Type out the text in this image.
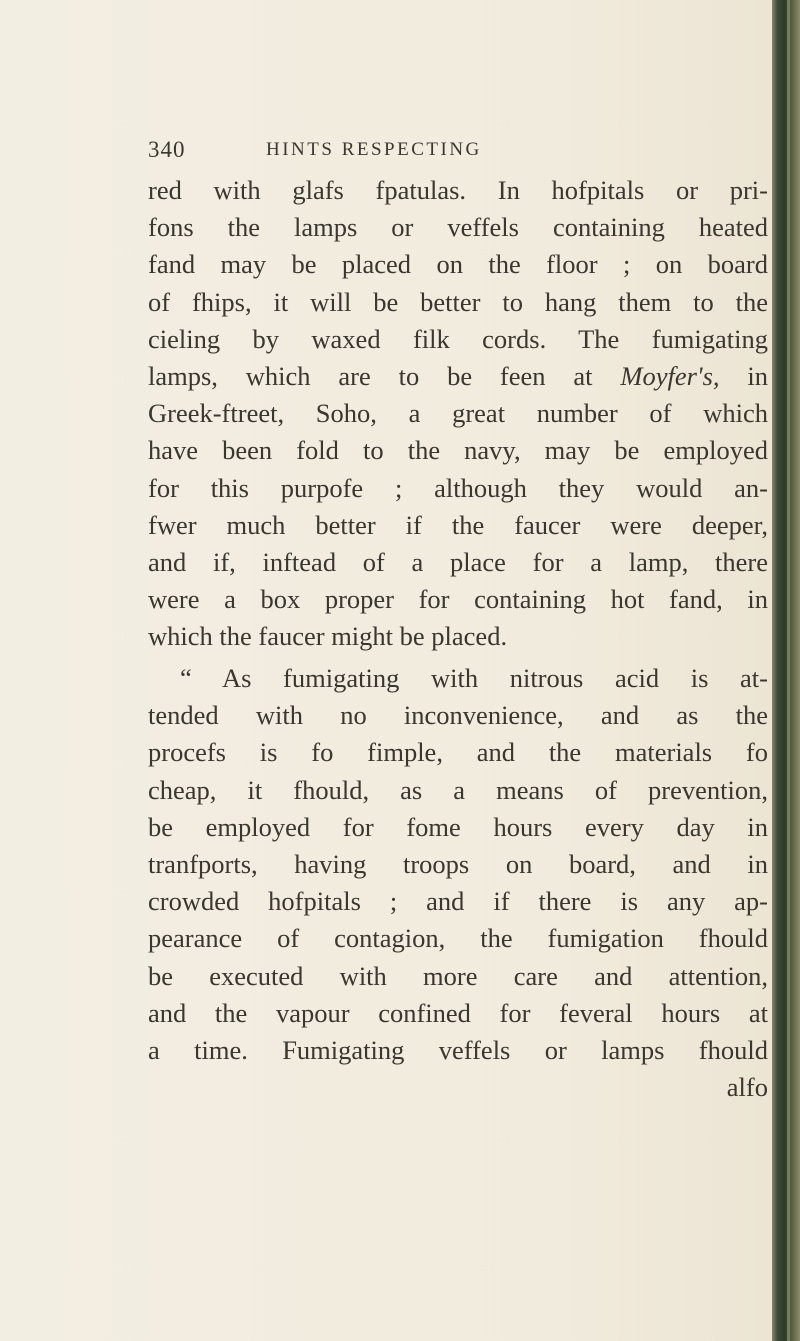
340	HINTS RESPECTING
red with glafs fpatulas. In hofpitals or pri-
fons the lamps or veffels containing heated
fand may be placed on the floor ; on board
of fhips, it will be better to hang them to the
cieling by waxed filk cords. The fumigating
lamps, which are to be feen at Moyfer's, in
Greek-ftreet, Soho, a great number of which
have been fold to the navy, may be employed
for this purpofe ; although they would an-
fwer much better if the faucer were deeper,
and if, inftead of a place for a lamp, there
were a box proper for containing hot fand, in
which the faucer might be placed.
“ As fumigating with nitrous acid is at-
tended with no inconvenience, and as the
procefs is fo fimple, and the materials fo
cheap, it fhould, as a means of prevention,
be employed for fome hours every day in
tranfports, having troops on board, and in
crowded hofpitals ; and if there is any ap-
pearance of contagion, the fumigation fhould
be executed with more care and attention,
and the vapour confined for feveral hours at
a time. Fumigating veffels or lamps fhould
alfo
